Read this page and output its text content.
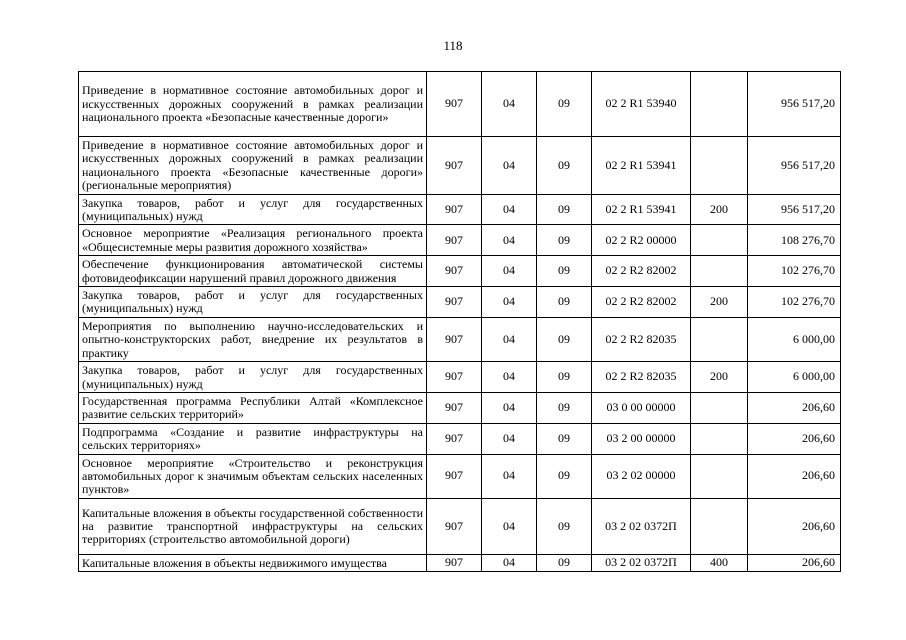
118
Приведение в нормативное состояние автомобильных дорог и искусственных дорожных сооружений в рамках реализации национального проекта «Безопасные качественные дороги»	907	04	09	02 2 R1 53940		956 517,20
Приведение в нормативное состояние автомобильных дорог и искусственных дорожных сооружений в рамках реализации национального проекта «Безопасные качественные дороги» (региональные мероприятия)	907	04	09	02 2 R1 53941		956 517,20
Закупка товаров, работ и услуг для государственных (муниципальных) нужд	907	04	09	02 2 R1 53941	200	956 517,20
Основное мероприятие «Реализация регионального проекта «Общесистемные меры развития дорожного хозяйства»	907	04	09	02 2 R2 00000		108 276,70
Обеспечение функционирования автоматической системы фотовидеофиксации нарушений правил дорожного движения	907	04	09	02 2 R2 82002		102 276,70
Закупка товаров, работ и услуг для государственных (муниципальных) нужд	907	04	09	02 2 R2 82002	200	102 276,70
Мероприятия по выполнению научно-исследовательских и опытно-конструкторских работ, внедрение их результатов в практику	907	04	09	02 2 R2 82035		6 000,00
Закупка товаров, работ и услуг для государственных (муниципальных) нужд	907	04	09	02 2 R2 82035	200	6 000,00
Государственная программа Республики Алтай «Комплексное развитие сельских территорий»	907	04	09	03 0 00 00000		206,60
Подпрограмма «Создание и развитие инфраструктуры на сельских территориях»	907	04	09	03 2 00 00000		206,60
Основное мероприятие «Строительство и реконструкция автомобильных дорог к значимым объектам сельских населенных пунктов»	907	04	09	03 2 02 00000		206,60
Капитальные вложения в объекты государственной собственности на развитие транспортной инфраструктуры на сельских территориях (строительство автомобильной дороги)	907	04	09	03 2 02 0372П		206,60
Капитальные вложения в объекты недвижимого имущества	907	04	09	03 2 02 0372П	400	206,60
